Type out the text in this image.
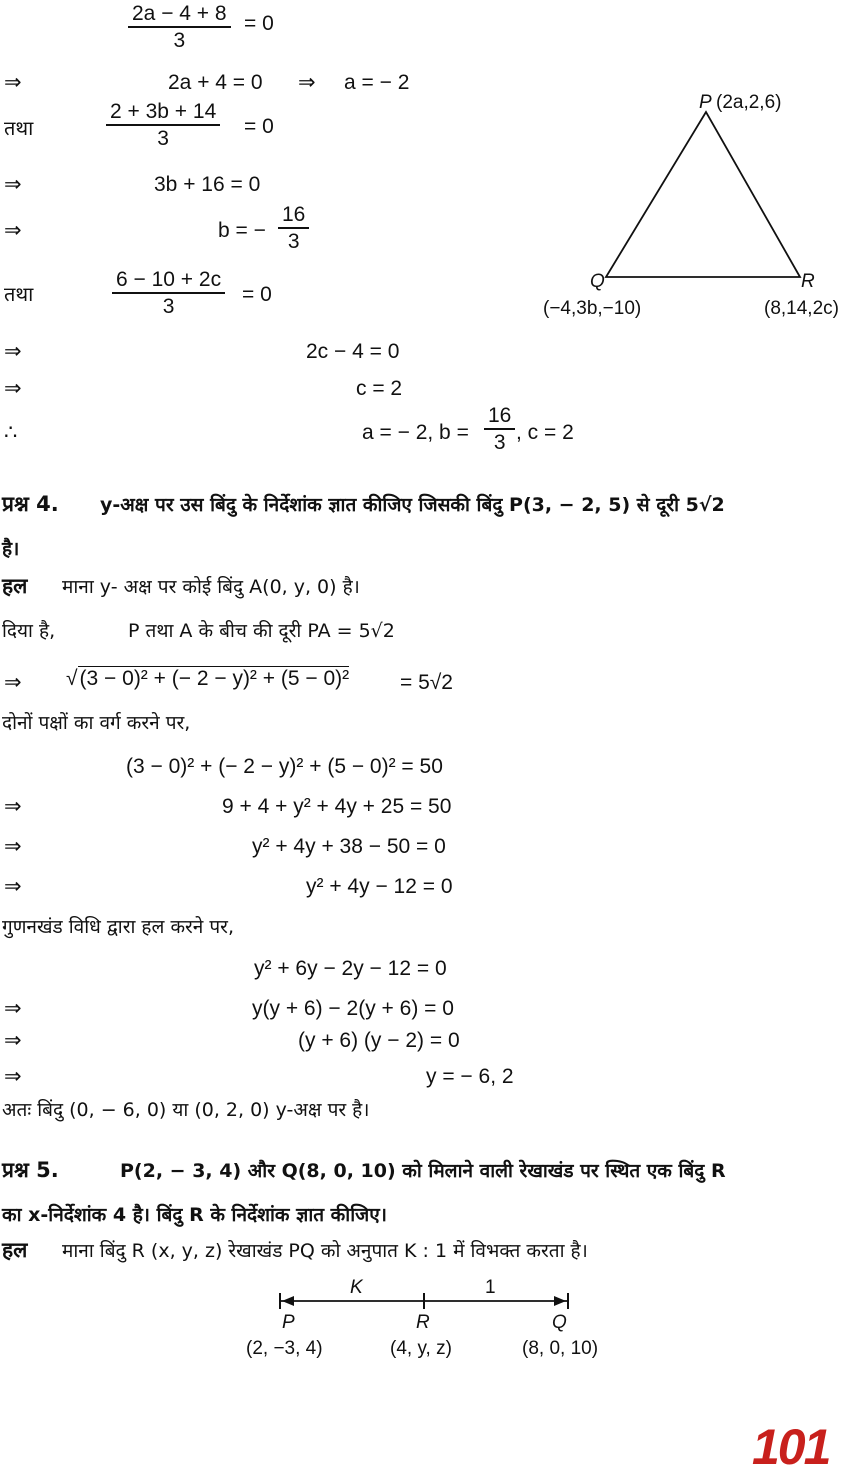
$\frac{2a - 4 + 8}{3} = 0$
⇒	2a + 4 = 0 ⇒ a = − 2
तथा	$\frac{2 + 3b + 14}{3} = 0$
⇒	3b + 16 = 0
⇒	b = − $\frac{16}{3}$
तथा	$\frac{6 - 10 + 2c}{3} = 0$
⇒	2c − 4 = 0
⇒	c = 2
∴	a = − 2, $b = \frac{16}{3}$ , c = 2
P (2a,2,6)
Q
(−4,3b,−10)
R
(8,14,2c)
प्रश्न 4. y-अक्ष पर उस बिंदु के निर्देशांक ज्ञात कीजिए जिसकी बिंदु P(3, − 2, 5) से दूरी 5√2
है।
हल माना y- अक्ष पर कोई बिंदु A(0, y, 0) है।
दिया है,	P तथा A के बीच की दूरी PA = 5√2
⇒ √(3 − 0)² + (− 2 − y)² + (5 − 0)² = 5√2
दोनों पक्षों का वर्ग करने पर,
(3 − 0)² + (− 2 − y)² + (5 − 0)² = 50
⇒	9 + 4 + y² + 4y + 25 = 50
⇒	y² + 4y + 38 − 50 = 0
⇒	y² + 4y − 12 = 0
गुणनखंड विधि द्वारा हल करने पर,
y² + 6y − 2y − 12 = 0
⇒	y(y + 6) − 2(y + 6) = 0
⇒	(y + 6) (y − 2) = 0
⇒	y = − 6, 2
अतः बिंदु (0, − 6, 0) या (0, 2, 0) y-अक्ष पर है।
प्रश्न 5.	P(2, − 3, 4) और Q(8, 0, 10) को मिलाने वाली रेखाखंड पर स्थित एक बिंदु R
का x-निर्देशांक 4 है। बिंदु R के निर्देशांक ज्ञात कीजिए।
हल माना बिंदु R (x, y, z) रेखाखंड PQ को अनुपात K : 1 में विभक्त करता है।
K	1
P	R	Q
(2, −3, 4)	(4, y, z)	(8, 0, 10)
101
